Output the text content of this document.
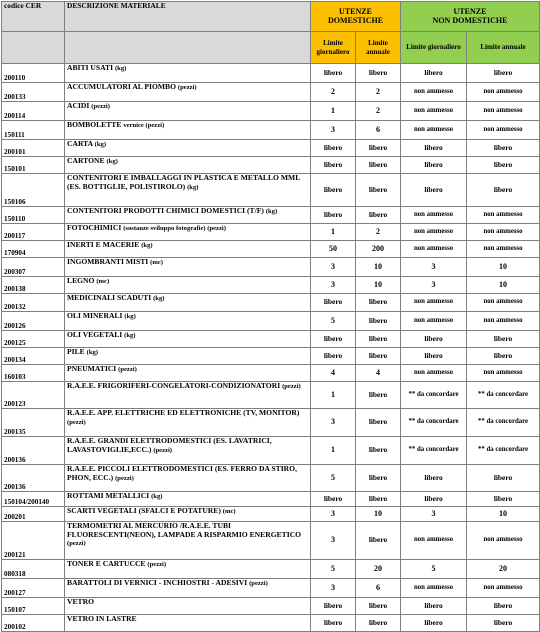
codice CER	DESCRIZIONE MATERIALE	UTENZE DOMESTICHE		UTENZE
NON DOMESTICHE	

		Limite giornaliero	Limite annuale	Limite giornaliero	Limite annuale
200110	ABITI USATI (kg)	libero	libero	libero	libero
200133	ACCUMULATORI AL PIOMBO (pezzi)	2	2	non ammesso	non ammesso
200114	ACIDI (pezzi)	1	2	non ammesso	non ammesso
150111	BOMBOLETTE vernice (pezzi)	3	6	non ammesso	non ammesso
200101	CARTA (kg)	libero	libero	libero	libero
150101	CARTONE (kg)	libero	libero	libero	libero
150106	CONTENITORI E IMBALLAGGI IN PLASTICA E METALLO MML (ES. BOTTIGLIE, POLISTIROLO) (kg)	libero	libero	libero	libero
150110	CONTENITORI PRODOTTI CHIMICI DOMESTICI (T/F) (kg)	libero	libero	non ammesso	non ammesso
200117	FOTOCHIMICI (sostanze sviluppo fotografie) (pezzi)	1	2	non ammesso	non ammesso
170904	INERTI E MACERIE (kg)	50	200	non ammesso	non ammesso
200307	INGOMBRANTI MISTI (mc)	3	10	3	10
200138	LEGNO (mc)	3	10	3	10
200132	MEDICINALI SCADUTI (kg)	libero	libero	non ammesso	non ammesso
200126	OLI MINERALI (kg)	5	libero	non ammesso	non ammesso
200125	OLI VEGETALI (kg)	libero	libero	libero	libero
200134	PILE (kg)	libero	libero	libero	libero
160103	PNEUMATICI (pezzi)	4	4	non ammesso	non ammesso
200123	R.A.E.E. FRIGORIFERI-CONGELATORI-CONDIZIONATORI (pezzi)	1	libero	** da concordare	** da concordare
200135	R.A.E.E. APP. ELETTRICHE ED ELETTRONICHE (TV, MONITOR) (pezzi)	3	libero	** da concordare	** da concordare
200136	R.A.E.E. GRANDI ELETTRODOMESTICI (ES. LAVATRICI, LAVASTOVIGLIE,ECC.) (pezzi)	1	libero	** da concordare	** da concordare
200136	R.A.E.E. PICCOLI ELETTRODOMESTICI (ES. FERRO DA STIRO, PHON, ECC.) (pezzi)	5	libero	libero	libero
150104/200140	ROTTAMI METALLICI (kg)	libero	libero	libero	libero
200201	SCARTI VEGETALI (SFALCI E POTATURE) (mc)	3	10	3	10
200121	TERMOMETRI AL MERCURIO /R.A.E.E. TUBI FLUORESCENTI(NEON), LAMPADE A RISPARMIO ENERGETICO (pezzi)	3	libero	non ammesso	non ammesso
080318	TONER E CARTUCCE (pezzi)	5	20	5	20
200127	BARATTOLI DI VERNICI - INCHIOSTRI - ADESIVI (pezzi)	3	6	non ammesso	non ammesso
150107	VETRO	libero	libero	libero	libero
200102	VETRO IN LASTRE	libero	libero	libero	libero
